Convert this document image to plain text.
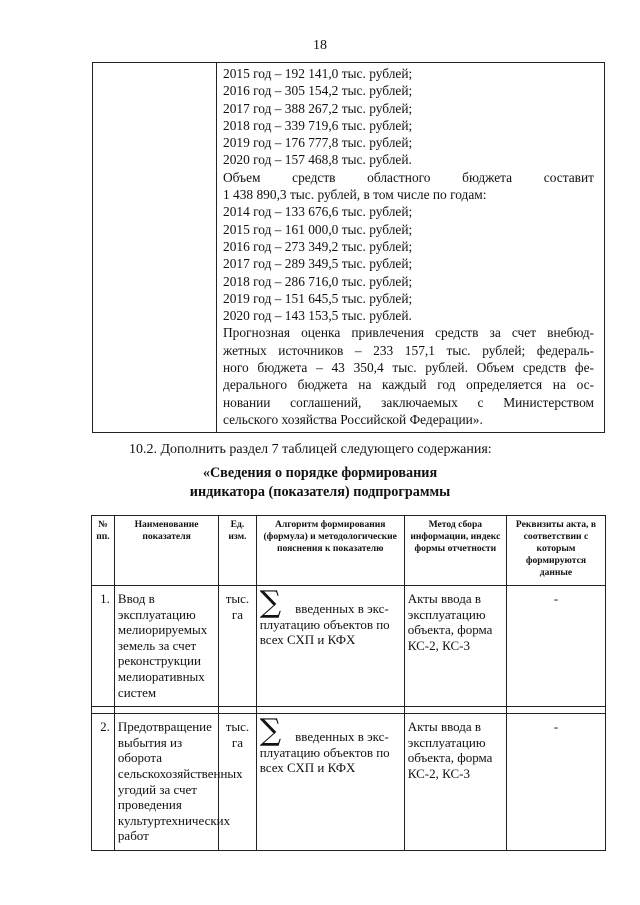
18

2015 год – 192 141,0 тыс. рублей;
2016 год – 305 154,2 тыс. рублей;
2017 год – 388 267,2 тыс. рублей;
2018 год – 339 719,6 тыс. рублей;
2019 год – 176 777,8 тыс. рублей;
2020 год – 157 468,8 тыс. рублей.
Объем средств областного бюджета составит
1 438 890,3 тыс. рублей, в том числе по годам:
2014 год – 133 676,6 тыс. рублей;
2015 год – 161 000,0 тыс. рублей;
2016 год – 273 349,2 тыс. рублей;
2017 год – 289 349,5 тыс. рублей;
2018 год – 286 716,0 тыс. рублей;
2019 год – 151 645,5 тыс. рублей;
2020 год – 143 153,5 тыс. рублей.
Прогнозная оценка привлечения средств за счет внебюд-
жетных источников – 233 157,1 тыс. рублей; федераль-
ного бюджета – 43 350,4 тыс. рублей. Объем средств фе-
дерального бюджета на каждый год определяется на ос-
новании соглашений, заключаемых с Министерством
сельского хозяйства Российской Федерации».
10.2. Дополнить раздел 7 таблицей следующего содержания:
«Сведения о порядке формирования
индикатора (показателя) подпрограммы
№ пп.	Наименование показателя	Ед. изм.	Алгоритм формирования (формула) и методологические пояснения к показателю	Метод сбора информации, индекс формы отчетности	Реквизиты акта, в соответствии с которым формируются данные
1.	Ввод в эксплуатацию мелиорируемых земель за счет реконструкции мелиоративных систем	тыс. га	∑ введенных в экс-
плуатацию объектов по всех СХП и КФХ	Акты ввода в эксплуатацию объекта, форма КС-2, КС-3	-

2.	Предотвращение выбытия из оборота сельскохозяйственных угодий за счет проведения культуртехнических работ	тыс. га	∑ введенных в экс-
плуатацию объектов по всех СХП и КФХ	Акты ввода в эксплуатацию объекта, форма КС-2, КС-3	-
